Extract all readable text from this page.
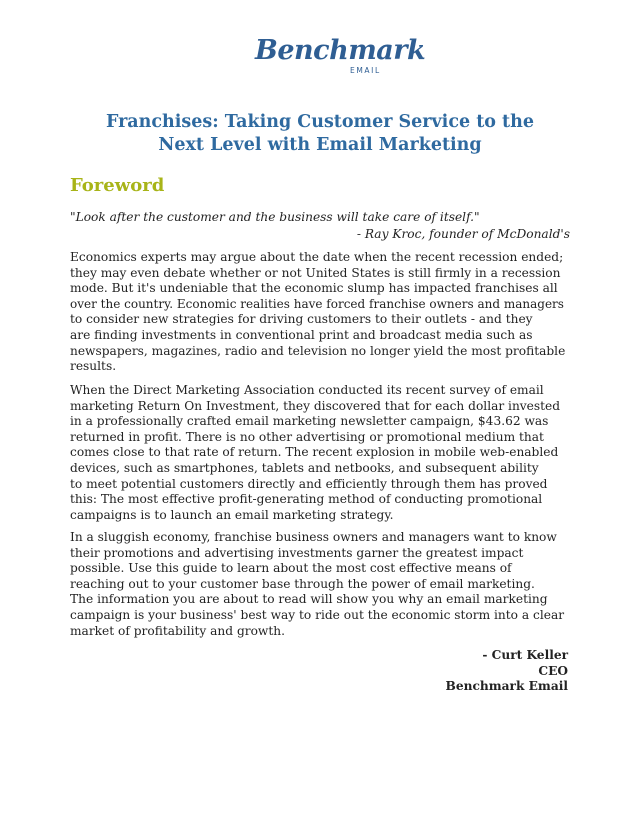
Benchmark
EMAIL
Franchises: Taking Customer Service to the
Next Level with Email Marketing
Foreword
"Look after the customer and the business will take care of itself."
- Ray Kroc, founder of McDonald's
Economics experts may argue about the date when the recent recession ended;
they may even debate whether or not United States is still firmly in a recession
mode. But it's undeniable that the economic slump has impacted franchises all
over the country. Economic realities have forced franchise owners and managers
to consider new strategies for driving customers to their outlets - and they
are finding investments in conventional print and broadcast media such as
newspapers, magazines, radio and television no longer yield the most profitable
results.
When the Direct Marketing Association conducted its recent survey of email
marketing Return On Investment, they discovered that for each dollar invested
in a professionally crafted email marketing newsletter campaign, $43.62 was
returned in profit. There is no other advertising or promotional medium that
comes close to that rate of return. The recent explosion in mobile web-enabled
devices, such as smartphones, tablets and netbooks, and subsequent ability
to meet potential customers directly and efficiently through them has proved
this: The most effective profit-generating method of conducting promotional
campaigns is to launch an email marketing strategy.
In a sluggish economy, franchise business owners and managers want to know
their promotions and advertising investments garner the greatest impact
possible. Use this guide to learn about the most cost effective means of
reaching out to your customer base through the power of email marketing.
The information you are about to read will show you why an email marketing
campaign is your business' best way to ride out the economic storm into a clear
market of profitability and growth.
- Curt Keller
CEO
Benchmark Email
